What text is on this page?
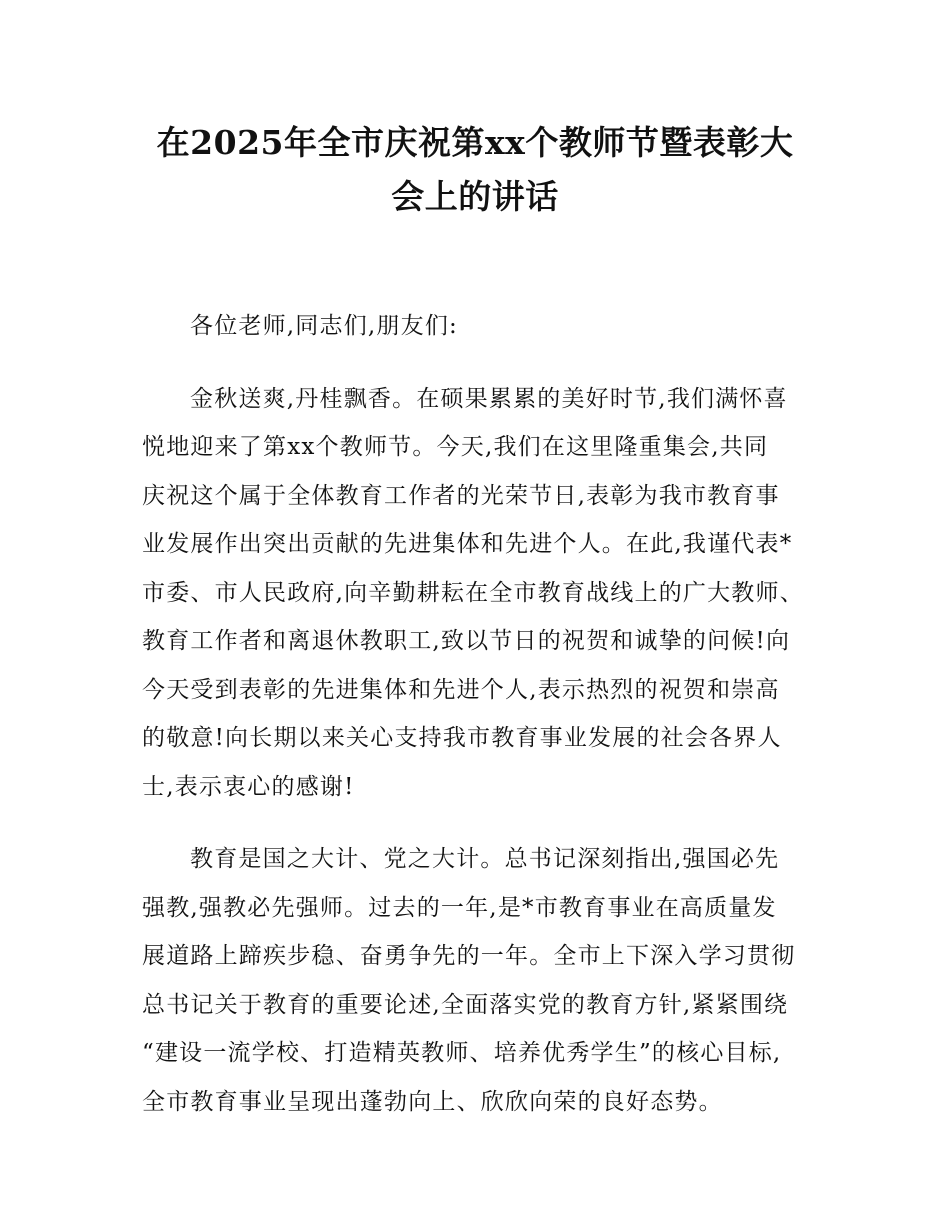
在2025年全市庆祝第xx个教师节暨表彰大
会上的讲话

各位老师,同志们,朋友们:

金秋送爽,丹桂飘香。在硕果累累的美好时节,我们满怀喜
悦地迎来了第xx个教师节。今天,我们在这里隆重集会,共同
庆祝这个属于全体教育工作者的光荣节日,表彰为我市教育事
业发展作出突出贡献的先进集体和先进个人。在此,我谨代表*
市委、市人民政府,向辛勤耕耘在全市教育战线上的广大教师、
教育工作者和离退休教职工,致以节日的祝贺和诚挚的问候!向
今天受到表彰的先进集体和先进个人,表示热烈的祝贺和崇高
的敬意!向长期以来关心支持我市教育事业发展的社会各界人
士,表示衷心的感谢!

教育是国之大计、党之大计。总书记深刻指出,强国必先
强教,强教必先强师。过去的一年,是*市教育事业在高质量发
展道路上蹄疾步稳、奋勇争先的一年。全市上下深入学习贯彻
总书记关于教育的重要论述,全面落实党的教育方针,紧紧围绕
“建设一流学校、打造精英教师、培养优秀学生”的核心目标,
全市教育事业呈现出蓬勃向上、欣欣向荣的良好态势。
